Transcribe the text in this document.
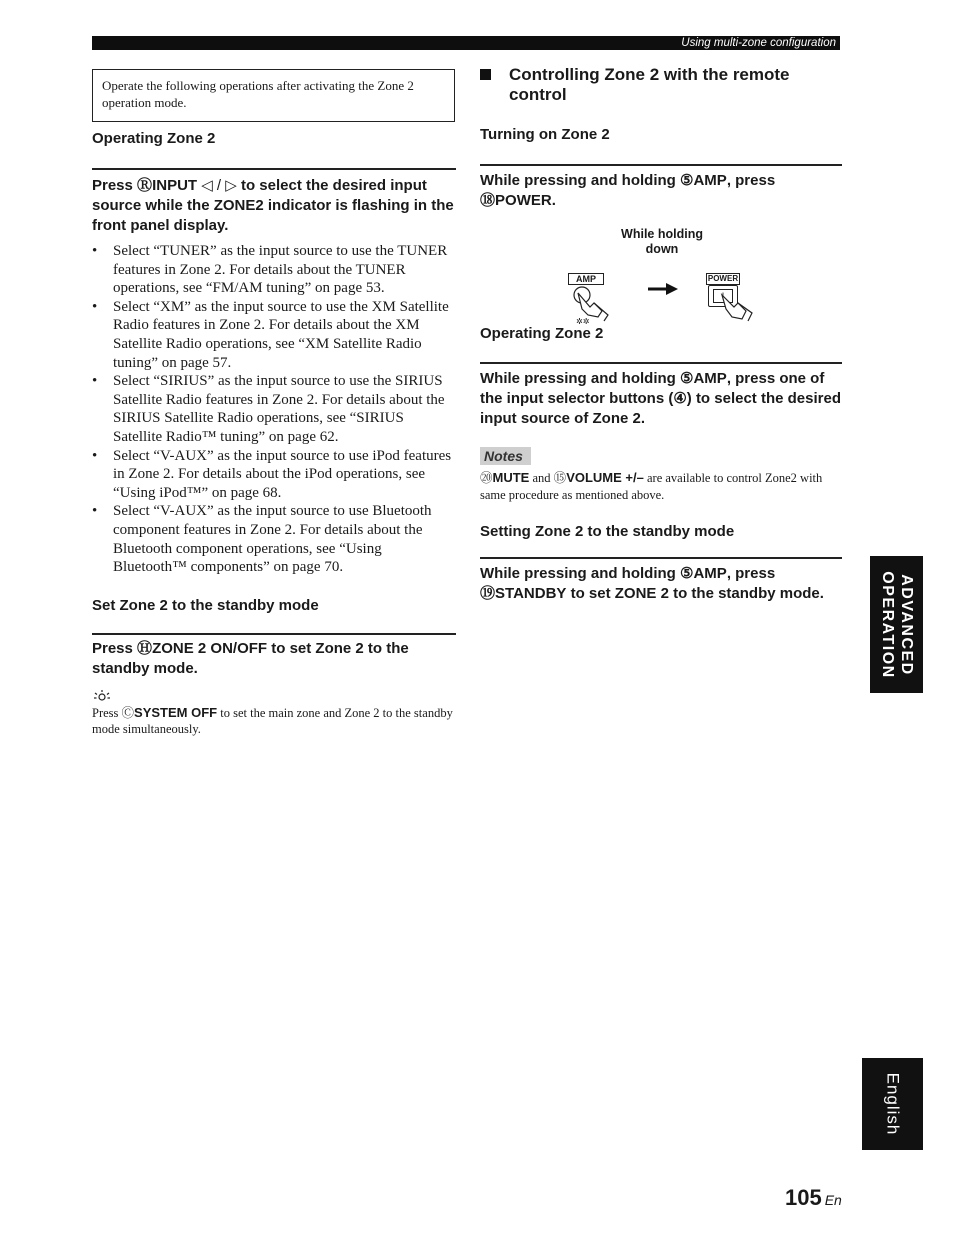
Using multi-zone configuration
Operate the following operations after activating the Zone 2 operation mode.
Operating Zone 2
Press ⓇINPUT ◁ / ▷ to select the desired input source while the ZONE2 indicator is flashing in the front panel display.
• Select “TUNER” as the input source to use the TUNER features in Zone 2. For details about the TUNER operations, see “FM/AM tuning” on page 53.
• Select “XM” as the input source to use the XM Satellite Radio features in Zone 2. For details about the XM Satellite Radio operations, see “XM Satellite Radio tuning” on page 57.
• Select “SIRIUS” as the input source to use the SIRIUS Satellite Radio features in Zone 2. For details about the SIRIUS Satellite Radio operations, see “SIRIUS Satellite Radio™ tuning” on page 62.
• Select “V-AUX” as the input source to use iPod features in Zone 2. For details about the iPod operations, see “Using iPod™” on page 68.
• Select “V-AUX” as the input source to use Bluetooth component features in Zone 2. For details about the Bluetooth component operations, see “Using Bluetooth™ components” on page 70.
Set Zone 2 to the standby mode
Press ⒽZONE 2 ON/OFF to set Zone 2 to the standby mode.
Press ⒸSYSTEM OFF to set the main zone and Zone 2 to the standby mode simultaneously.
Controlling Zone 2 with the remote control
Turning on Zone 2
While pressing and holding ⑤AMP, press
⑱POWER.
While holding down
AMP
✲✲
POWER
Operating Zone 2
While pressing and holding ⑤AMP, press one of the input selector buttons (④) to select the desired input source of Zone 2.
Notes
⑳MUTE and ⑮VOLUME +/– are available to control Zone2 with same procedure as mentioned above.
Setting Zone 2 to the standby mode
While pressing and holding ⑤AMP, press
⑲STANDBY to set ZONE 2 to the standby mode.	ADVANCED OPERATION
English
105 En
